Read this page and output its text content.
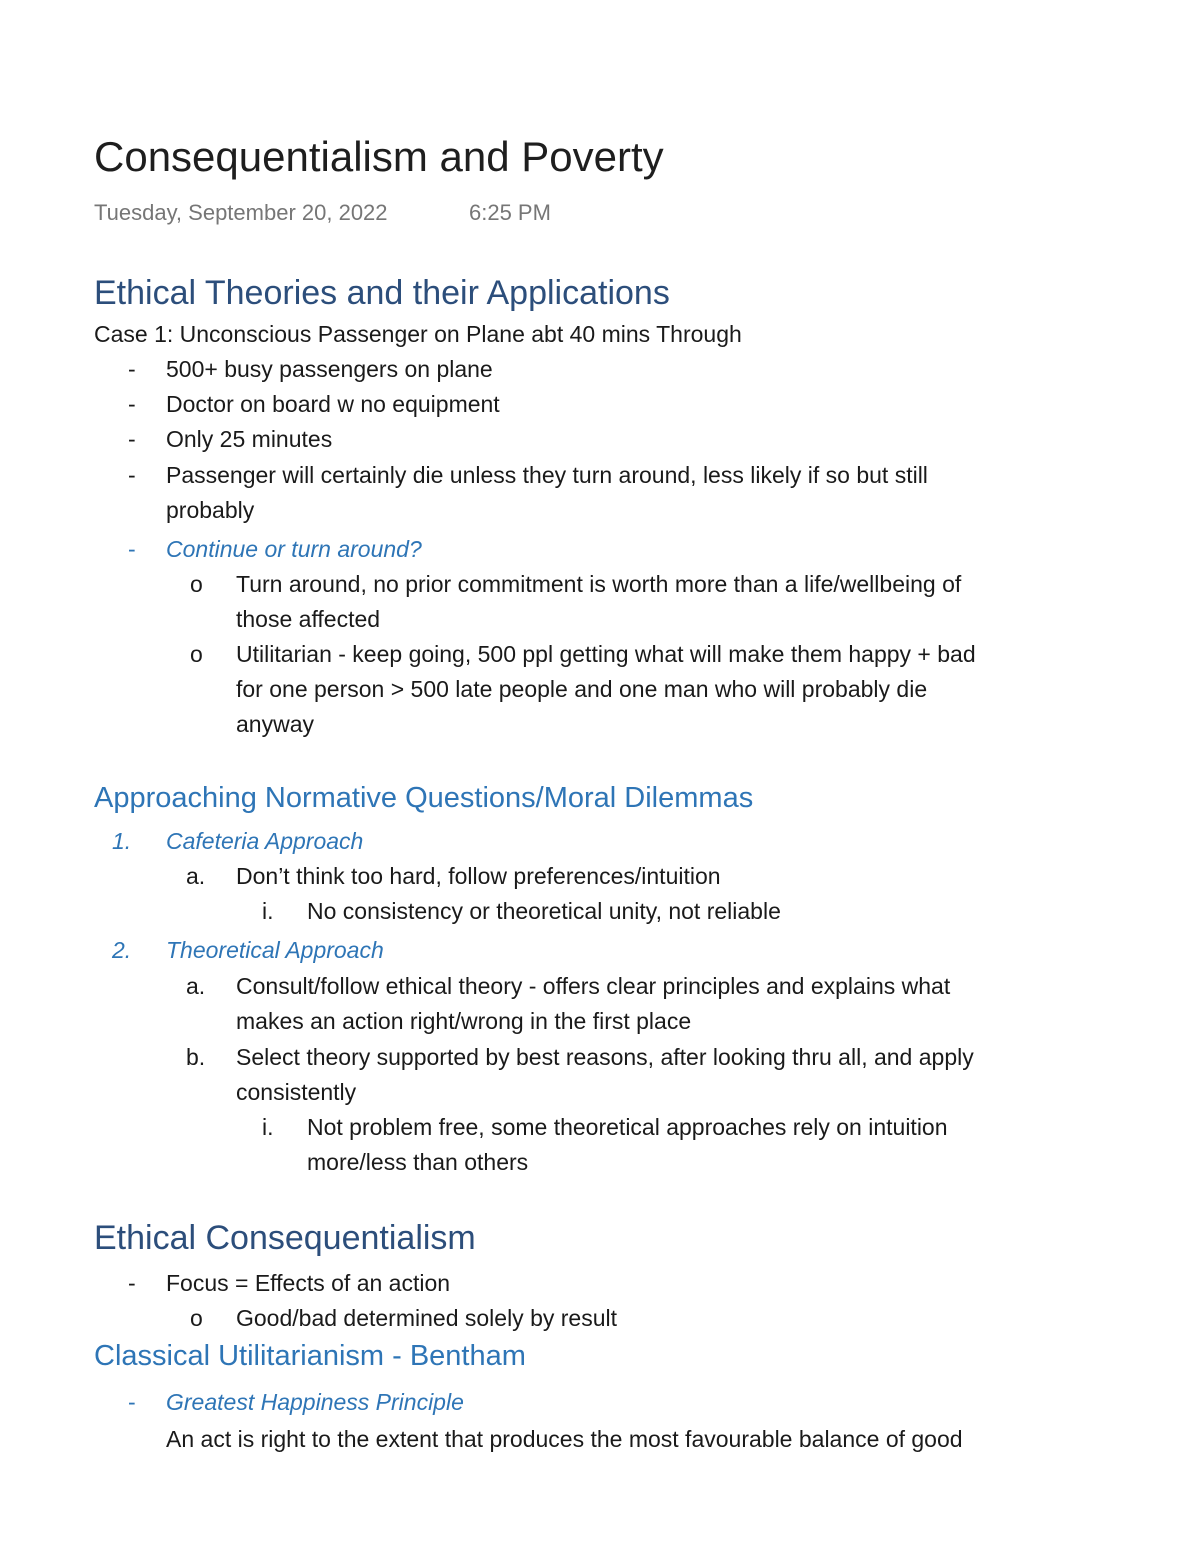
Consequentialism and Poverty
Tuesday, September 20, 2022	6:25 PM
Ethical Theories and their Applications
Case 1: Unconscious Passenger on Plane abt 40 mins Through
- 500+ busy passengers on plane
- Doctor on board w no equipment
- Only 25 minutes
- Passenger will certainly die unless they turn around, less likely if so but still
probably
- Continue or turn around?
o Turn around, no prior commitment is worth more than a life/wellbeing of
those affected
o Utilitarian - keep going, 500 ppl getting what will make them happy + bad
for one person > 500 late people and one man who will probably die
anyway
Approaching Normative Questions/Moral Dilemmas
1. Cafeteria Approach
a. Don’t think too hard, follow preferences/intuition
i. No consistency or theoretical unity, not reliable
2. Theoretical Approach
a. Consult/follow ethical theory - offers clear principles and explains what
makes an action right/wrong in the first place
b. Select theory supported by best reasons, after looking thru all, and apply
consistently
i. Not problem free, some theoretical approaches rely on intuition
more/less than others
Ethical Consequentialism
- Focus = Effects of an action
o Good/bad determined solely by result
Classical Utilitarianism - Bentham
- Greatest Happiness Principle
An act is right to the extent that produces the most favourable balance of good
